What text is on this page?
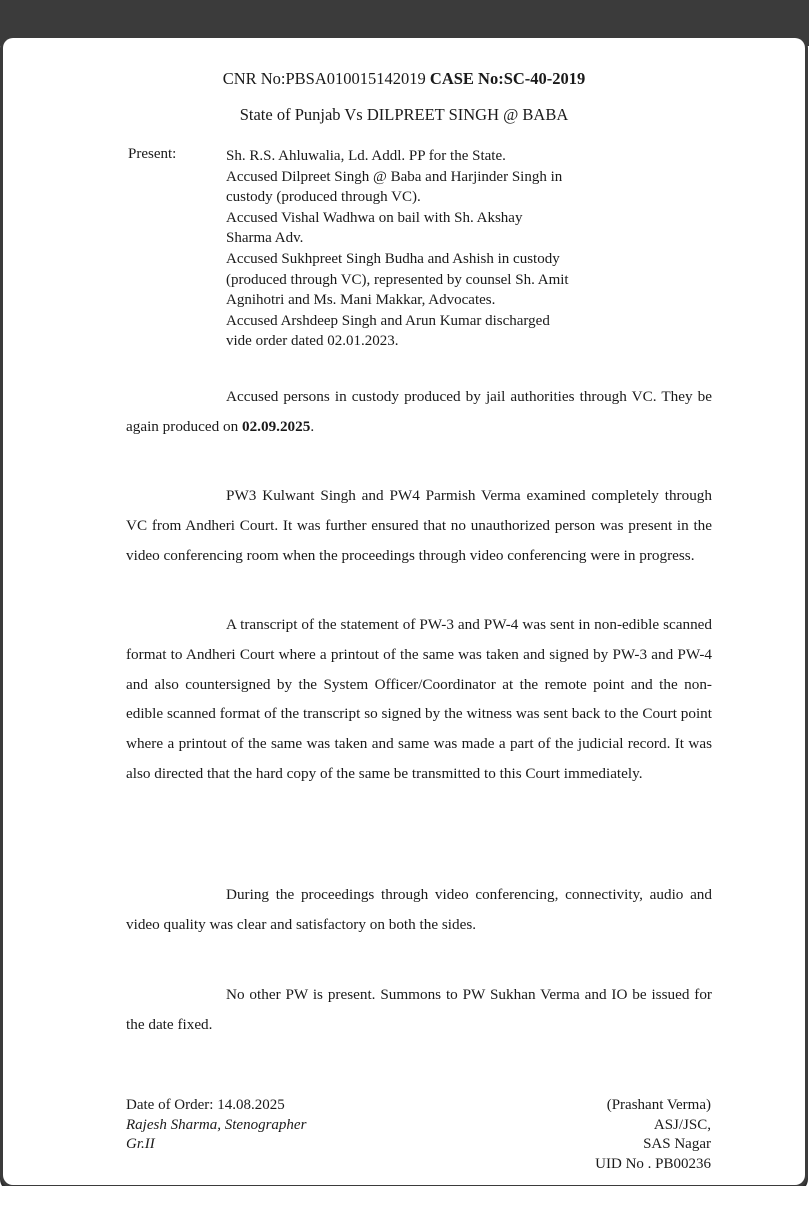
CNR No:PBSA010015142019 CASE No:SC-40-2019
State of Punjab Vs DILPREET SINGH @ BABA
Present:	Sh. R.S. Ahluwalia, Ld. Addl. PP for the State.
Accused Dilpreet Singh @ Baba and Harjinder Singh in
custody (produced through VC).
Accused Vishal Wadhwa on bail with Sh. Akshay
Sharma Adv.
Accused Sukhpreet Singh Budha and Ashish in custody
(produced through VC), represented by counsel Sh. Amit
Agnihotri and Ms. Mani Makkar, Advocates.
Accused Arshdeep Singh and Arun Kumar discharged
vide order dated 02.01.2023.
Accused persons in custody produced by jail authorities through VC. They be again produced on 02.09.2025.
PW3 Kulwant Singh and PW4 Parmish Verma examined completely through VC from Andheri Court. It was further ensured that no unauthorized person was present in the video conferencing room when the proceedings through video conferencing were in progress.
A transcript of the statement of PW-3 and PW-4 was sent in non-edible scanned format to Andheri Court where a printout of the same was taken and signed by PW-3 and PW-4 and also countersigned by the System Officer/Coordinator at the remote point and the non-edible scanned format of the transcript so signed by the witness was sent back to the Court point where a printout of the same was taken and same was made a part of the judicial record. It was also directed that the hard copy of the same be transmitted to this Court immediately.
During the proceedings through video conferencing, connectivity, audio and video quality was clear and satisfactory on both the sides.
No other PW is present. Summons to PW Sukhan Verma and IO be issued for the date fixed.
Date of Order: 14.08.2025
Rajesh Sharma, Stenographer
Gr.II
(Prashant Verma)
ASJ/JSC,
SAS Nagar
UID No . PB00236
